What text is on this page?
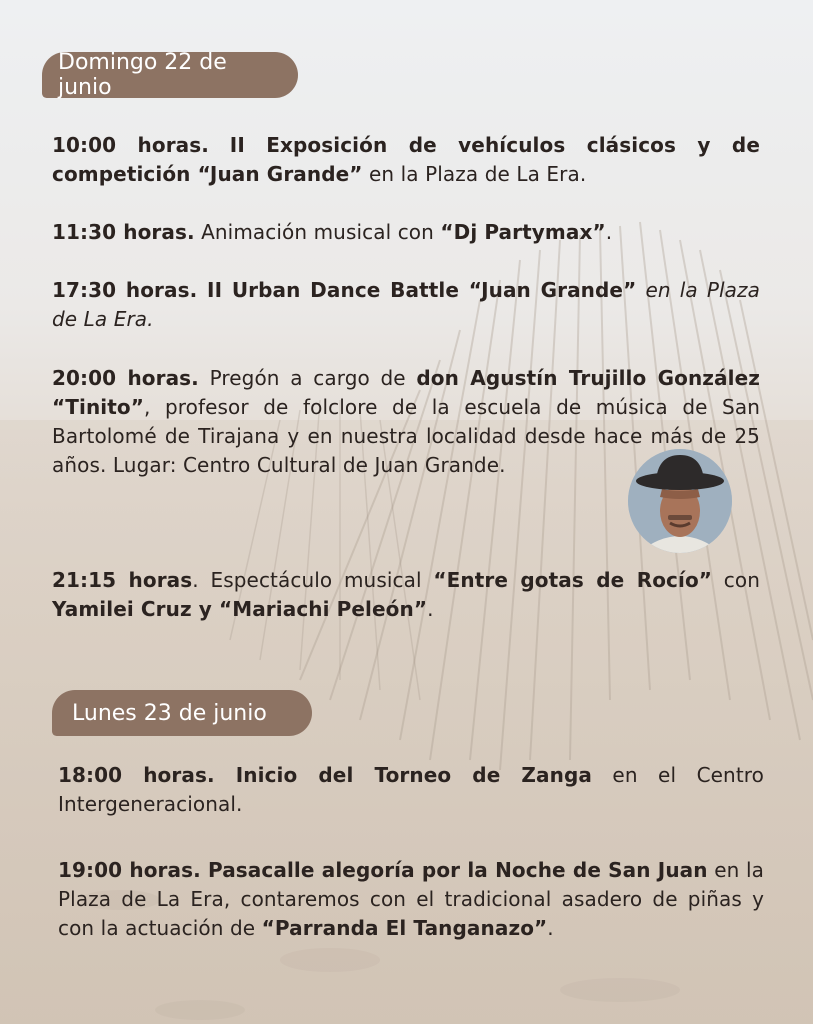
Domingo 22 de junio
10:00 horas. II Exposición de vehículos clásicos y de competición “Juan Grande” en la Plaza de La Era.
11:30 horas. Animación musical con “Dj Partymax”.
17:30 horas. II Urban Dance Battle “Juan Grande” en la Plaza de La Era.
20:00 horas. Pregón a cargo de don Agustín Trujillo González “Tinito”, profesor de folclore de la escuela de música de San Bartolomé de Tirajana y en nuestra localidad desde hace más de 25 años. Lugar: Centro Cultural de Juan Grande.
21:15 horas. Espectáculo musical “Entre gotas de Rocío” con Yamilei Cruz y “Mariachi Peleón”.
Lunes 23 de junio
18:00 horas. Inicio del Torneo de Zanga en el Centro Intergeneracional.
19:00 horas. Pasacalle alegoría por la Noche de San Juan en la Plaza de La Era, contaremos con el tradicional asadero de piñas y con la actuación de “Parranda El Tanganazo”.
